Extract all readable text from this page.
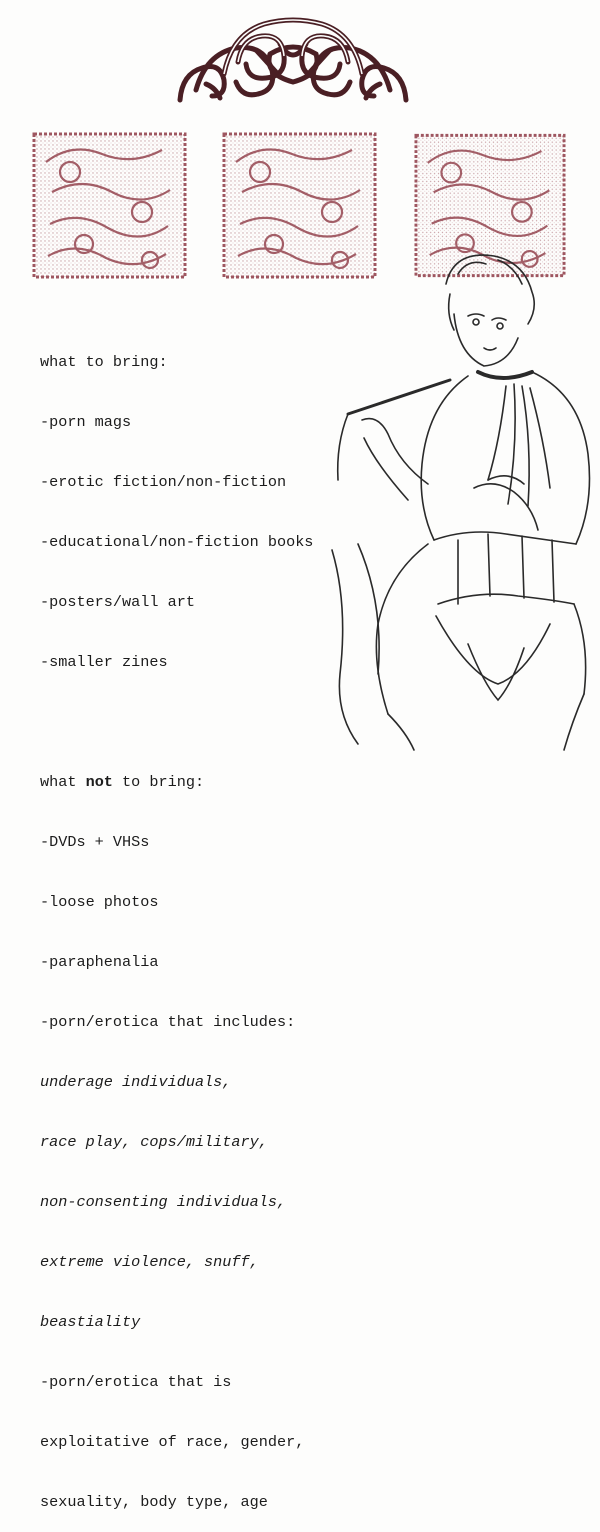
what to bring:

-porn mags

-erotic fiction/non-fiction

-educational/non-fiction books

-posters/wall art

-smaller zines

what not to bring:

-DVDs + VHSs

-loose photos

-paraphenalia

-porn/erotica that includes:

underage individuals,

race play, cops/military,

non-consenting individuals,

extreme violence, snuff,

beastiality

-porn/erotica that is

exploitative of race, gender,

sexuality, body type, age
